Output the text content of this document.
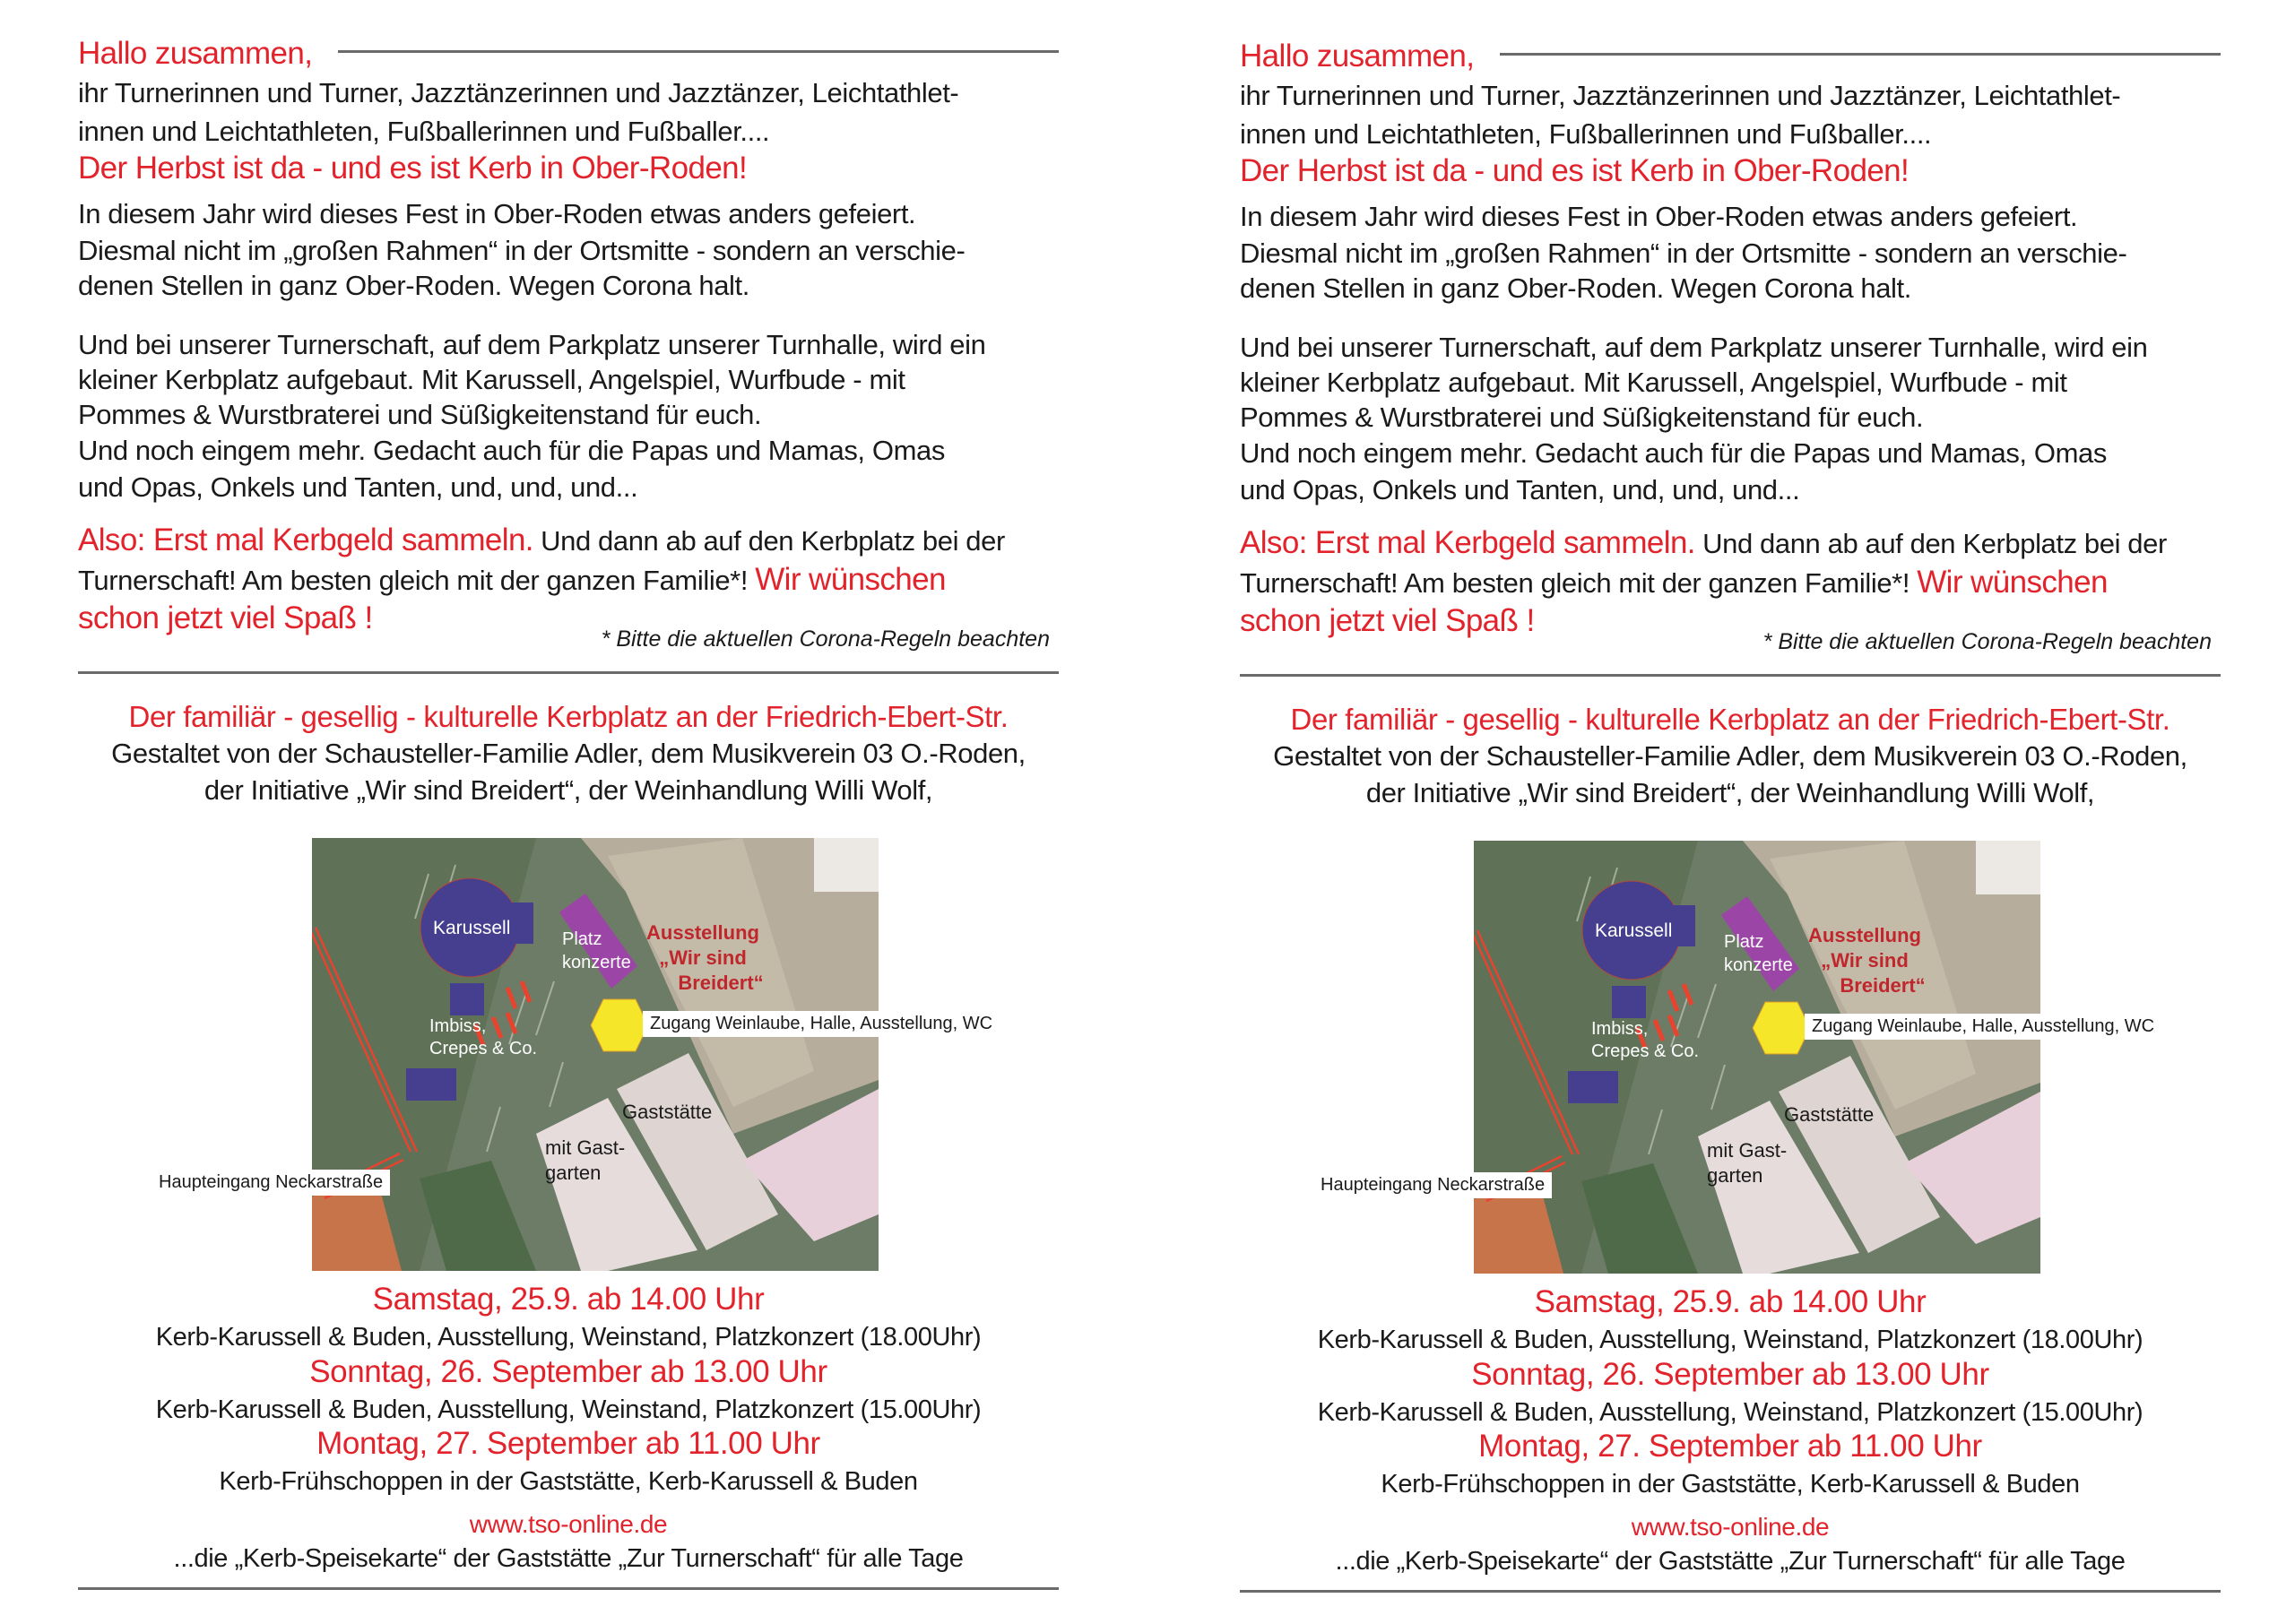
Hallo zusammen,
ihr Turnerinnen und Turner, Jazztänzerinnen und Jazztänzer, Leichtathlet-
innen und Leichtathleten, Fußballerinnen und Fußballer....
Der Herbst ist da - und es ist Kerb in Ober-Roden!
In diesem Jahr wird dieses Fest in Ober-Roden etwas anders gefeiert.
Diesmal nicht im „großen Rahmen“ in der Ortsmitte - sondern an verschie-
denen Stellen in ganz Ober-Roden. Wegen Corona halt.
Und bei unserer Turnerschaft, auf dem Parkplatz unserer Turnhalle, wird ein
kleiner Kerbplatz aufgebaut. Mit Karussell, Angelspiel, Wurfbude - mit
Pommes & Wurstbraterei und Süßigkeitenstand für euch.
Und noch eingem mehr. Gedacht auch für die Papas und Mamas, Omas
und Opas, Onkels und Tanten, und, und, und...
Also: Erst mal Kerbgeld sammeln. Und dann ab auf den Kerbplatz bei der
Turnerschaft! Am besten gleich mit der ganzen Familie*! Wir wünschen
schon jetzt viel Spaß !
* Bitte die aktuellen Corona-Regeln beachten
Der familiär - gesellig - kulturelle Kerbplatz an der Friedrich-Ebert-Str.
Gestaltet von der Schausteller-Familie Adler, dem Musikverein 03 O.-Roden,
der Initiative „Wir sind Breidert“, der Weinhandlung Willi Wolf,
Karussell
Platz
konzerte
Ausstellung
„Wir sind
Breidert“
Zugang Weinlaube, Halle, Ausstellung, WC
Imbiss,
Crepes & Co.
Gaststätte
mit Gast-
garten
Haupteingang Neckarstraße
Samstag, 25.9. ab 14.00 Uhr
Kerb-Karussell & Buden, Ausstellung, Weinstand, Platzkonzert (18.00Uhr)
Sonntag, 26. September ab 13.00 Uhr
Kerb-Karussell & Buden, Ausstellung, Weinstand, Platzkonzert (15.00Uhr)
Montag, 27. September ab 11.00 Uhr
Kerb-Frühschoppen in der Gaststätte, Kerb-Karussell & Buden
www.tso-online.de
...die „Kerb-Speisekarte“ der Gaststätte „Zur Turnerschaft“ für alle Tage
Hallo zusammen,
ihr Turnerinnen und Turner, Jazztänzerinnen und Jazztänzer, Leichtathlet-
innen und Leichtathleten, Fußballerinnen und Fußballer....
Der Herbst ist da - und es ist Kerb in Ober-Roden!
In diesem Jahr wird dieses Fest in Ober-Roden etwas anders gefeiert.
Diesmal nicht im „großen Rahmen“ in der Ortsmitte - sondern an verschie-
denen Stellen in ganz Ober-Roden. Wegen Corona halt.
Und bei unserer Turnerschaft, auf dem Parkplatz unserer Turnhalle, wird ein
kleiner Kerbplatz aufgebaut. Mit Karussell, Angelspiel, Wurfbude - mit
Pommes & Wurstbraterei und Süßigkeitenstand für euch.
Und noch eingem mehr. Gedacht auch für die Papas und Mamas, Omas
und Opas, Onkels und Tanten, und, und, und...
Also: Erst mal Kerbgeld sammeln. Und dann ab auf den Kerbplatz bei der
Turnerschaft! Am besten gleich mit der ganzen Familie*! Wir wünschen
schon jetzt viel Spaß !
* Bitte die aktuellen Corona-Regeln beachten
Der familiär - gesellig - kulturelle Kerbplatz an der Friedrich-Ebert-Str.
Gestaltet von der Schausteller-Familie Adler, dem Musikverein 03 O.-Roden,
der Initiative „Wir sind Breidert“, der Weinhandlung Willi Wolf,
Karussell
Platz
konzerte
Ausstellung
„Wir sind
Breidert“
Zugang Weinlaube, Halle, Ausstellung, WC
Imbiss,
Crepes & Co.
Gaststätte
mit Gast-
garten
Haupteingang Neckarstraße
Samstag, 25.9. ab 14.00 Uhr
Kerb-Karussell & Buden, Ausstellung, Weinstand, Platzkonzert (18.00Uhr)
Sonntag, 26. September ab 13.00 Uhr
Kerb-Karussell & Buden, Ausstellung, Weinstand, Platzkonzert (15.00Uhr)
Montag, 27. September ab 11.00 Uhr
Kerb-Frühschoppen in der Gaststätte, Kerb-Karussell & Buden
www.tso-online.de
...die „Kerb-Speisekarte“ der Gaststätte „Zur Turnerschaft“ für alle Tage
